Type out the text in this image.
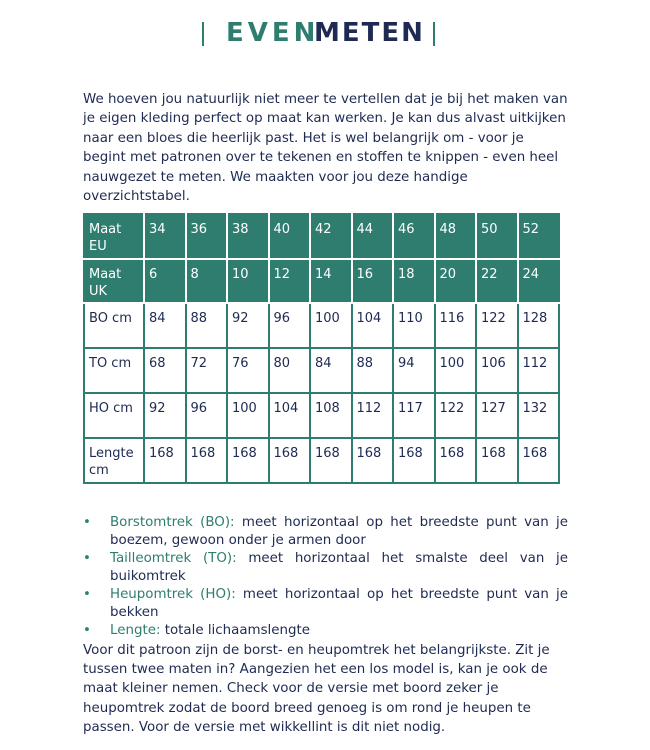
EVEN
METEN

We hoeven jou natuurlijk niet meer te vertellen dat je bij het maken van je eigen kleding perfect op maat kan werken. Je kan dus alvast uitkijken naar een bloes die heerlijk past. Het is wel belangrijk om - voor je begint met patronen over te tekenen en stoffen te knippen - even heel nauwgezet te meten. We maakten voor jou deze handige overzichtstabel.

Maat EU	34	36	38	40	42	44	46	48	50	52
Maat UK	6	8	10	12	14	16	18	20	22	24
BO cm	84	88	92	96	100	104	110	116	122	128
TO cm	68	72	76	80	84	88	94	100	106	112
HO cm	92	96	100	104	108	112	117	122	127	132
Lengte cm	168	168	168	168	168	168	168	168	168	168
• Borstomtrek (BO): meet horizontaal op het breedste punt van je boezem, gewoon onder je armen door
• Tailleomtrek (TO): meet horizontaal het smalste deel van je buikomtrek
• Heupomtrek (HO): meet horizontaal op het breedste punt van je bekken
• Lengte: totale lichaamslengte

Voor dit patroon zijn de borst- en heupomtrek het belangrijkste. Zit je tussen twee maten in? Aangezien het een los model is, kan je ook de maat kleiner nemen. Check voor de versie met boord zeker je heupomtrek zodat de boord breed genoeg is om rond je heupen te passen. Voor de versie met wikkellint is dit niet nodig.
